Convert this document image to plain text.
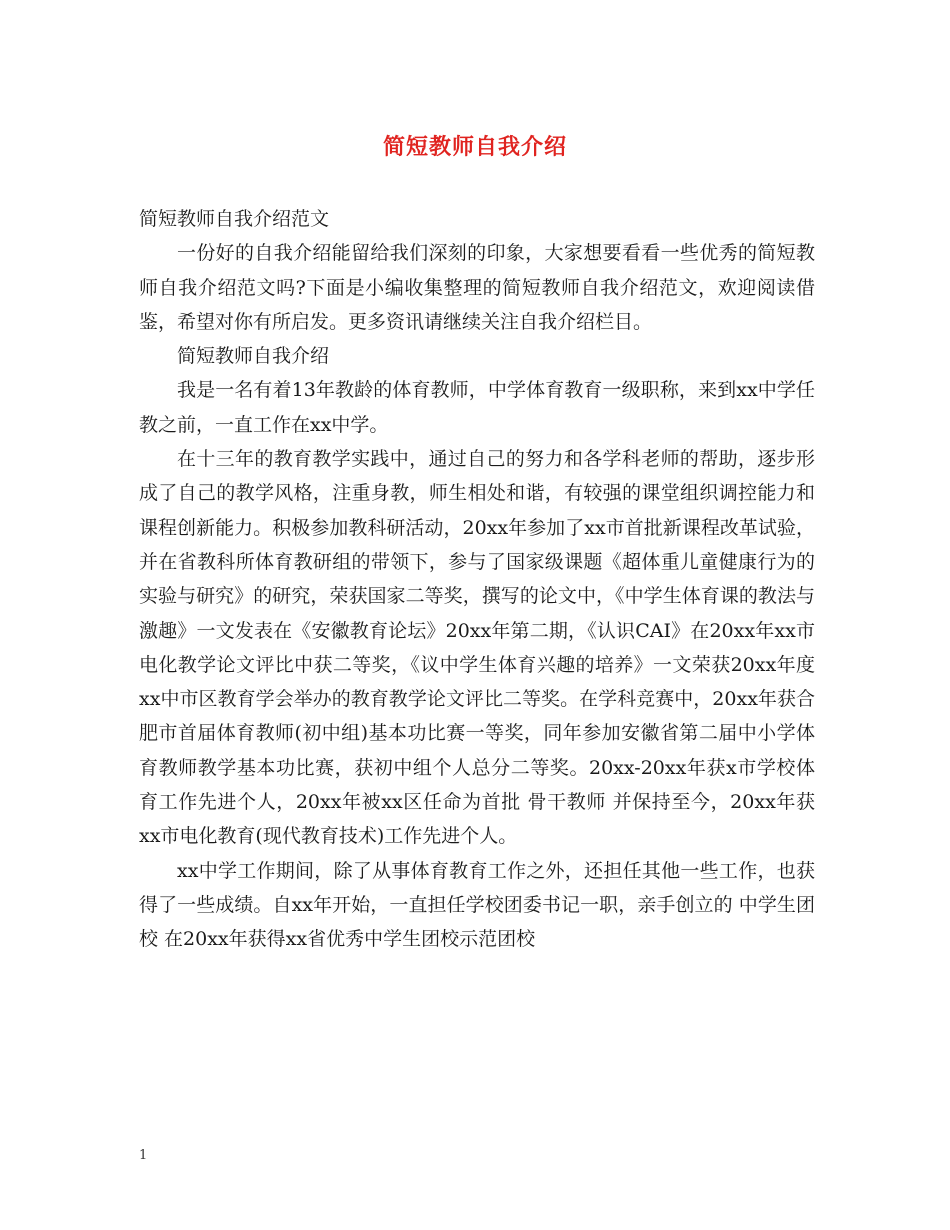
简短教师自我介绍

简短教师自我介绍范文

一份好的自我介绍能留给我们深刻的印象，大家想要看看一些优秀的简短教师自我介绍范文吗?下面是小编收集整理的简短教师自我介绍范文，欢迎阅读借鉴，希望对你有所启发。更多资讯请继续关注自我介绍栏目。

简短教师自我介绍

我是一名有着13年教龄的体育教师，中学体育教育一级职称，来到xx中学任教之前，一直工作在xx中学。

在十三年的教育教学实践中，通过自己的努力和各学科老师的帮助，逐步形成了自己的教学风格，注重身教，师生相处和谐，有较强的课堂组织调控能力和课程创新能力。积极参加教科研活动，20xx年参加了xx市首批新课程改革试验，并在省教科所体育教研组的带领下，参与了国家级课题《超体重儿童健康行为的实验与研究》的研究，荣获国家二等奖，撰写的论文中，《中学生体育课的教法与激趣》一文发表在《安徽教育论坛》20xx年第二期，《认识CAI》在20xx年xx市电化教学论文评比中获二等奖，《议中学生体育兴趣的培养》一文荣获20xx年度xx中市区教育学会举办的教育教学论文评比二等奖。在学科竞赛中，20xx年获合肥市首届体育教师(初中组)基本功比赛一等奖，同年参加安徽省第二届中小学体育教师教学基本功比赛，获初中组个人总分二等奖。20xx-20xx年获x市学校体育工作先进个人，20xx年被xx区任命为首批 骨干教师 并保持至今，20xx年获xx市电化教育(现代教育技术)工作先进个人。

xx中学工作期间，除了从事体育教育工作之外，还担任其他一些工作，也获得了一些成绩。自xx年开始，一直担任学校团委书记一职，亲手创立的 中学生团校 在20xx年获得xx省优秀中学生团校示范团校

1
